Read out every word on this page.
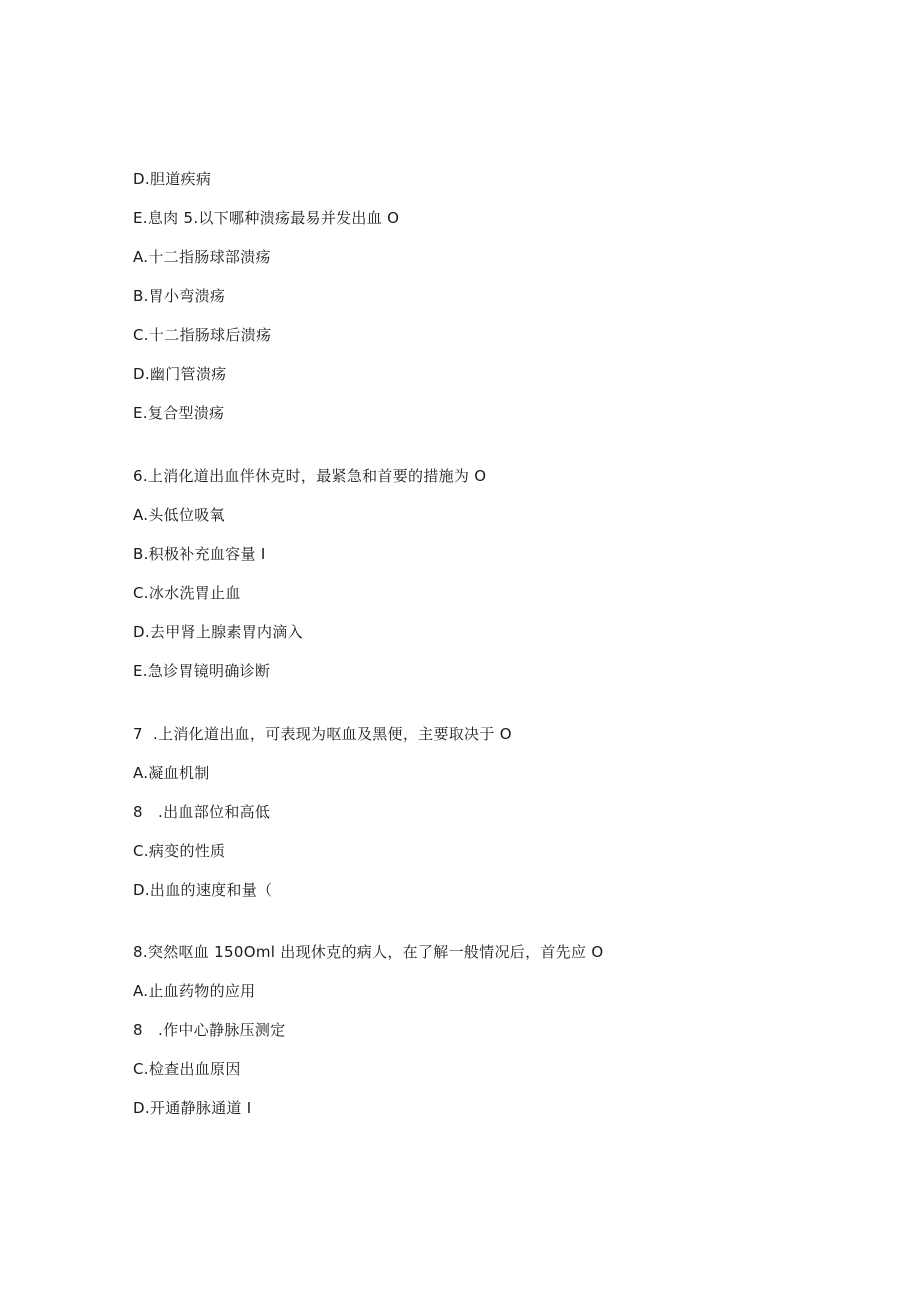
D.胆道疾病
E.息肉 5.以下哪种溃疡最易并发出血 O
A.十二指肠球部溃疡
B.胃小弯溃疡
C.十二指肠球后溃疡
D.幽门管溃疡
E.复合型溃疡
6.上消化道出血伴休克时，最紧急和首要的措施为 O
A.头低位吸氧
B.积极补充血容量 I
C.冰水洗胃止血
D.去甲肾上腺素胃内滴入
E.急诊胃镜明确诊断
7  .上消化道出血，可表现为呕血及黑便，主要取决于 O
A.凝血机制
8   .出血部位和高低
C.病变的性质
D.出血的速度和量（
8.突然呕血 150Oml 出现休克的病人，在了解一般情况后，首先应 O
A.止血药物的应用
8   .作中心静脉压测定
C.检查出血原因
D.开通静脉通道 I
